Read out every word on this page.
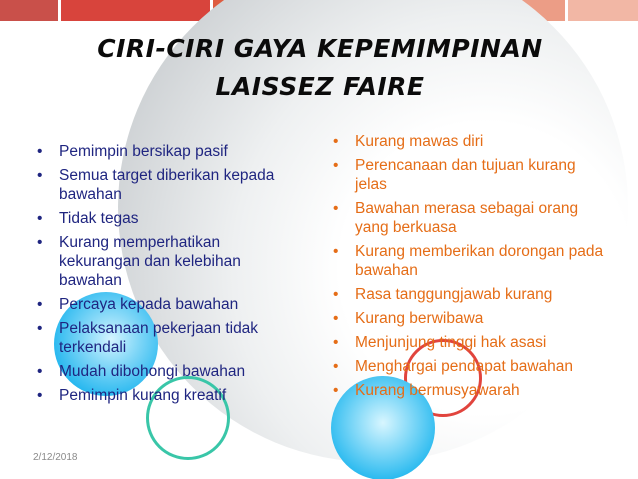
CIRI-CIRI GAYA KEPEMIMPINAN
LAISSEZ FAIRE
• Pemimpin bersikap pasif
• Semua target diberikan kepada bawahan
• Tidak tegas
• Kurang memperhatikan kekurangan dan kelebihan bawahan
• Percaya kepada bawahan
• Pelaksanaan pekerjaan tidak terkendali
• Mudah dibohongi bawahan
• Pemimpin kurang kreatif
• Kurang mawas diri
• Perencanaan dan tujuan kurang jelas
• Bawahan merasa sebagai orang yang berkuasa
• Kurang memberikan dorongan pada bawahan
• Rasa tanggungjawab kurang
• Kurang berwibawa
• Menjunjung tinggi hak asasi
• Menghargai pendapat bawahan
• Kurang bermusyawarah
2/12/2018
